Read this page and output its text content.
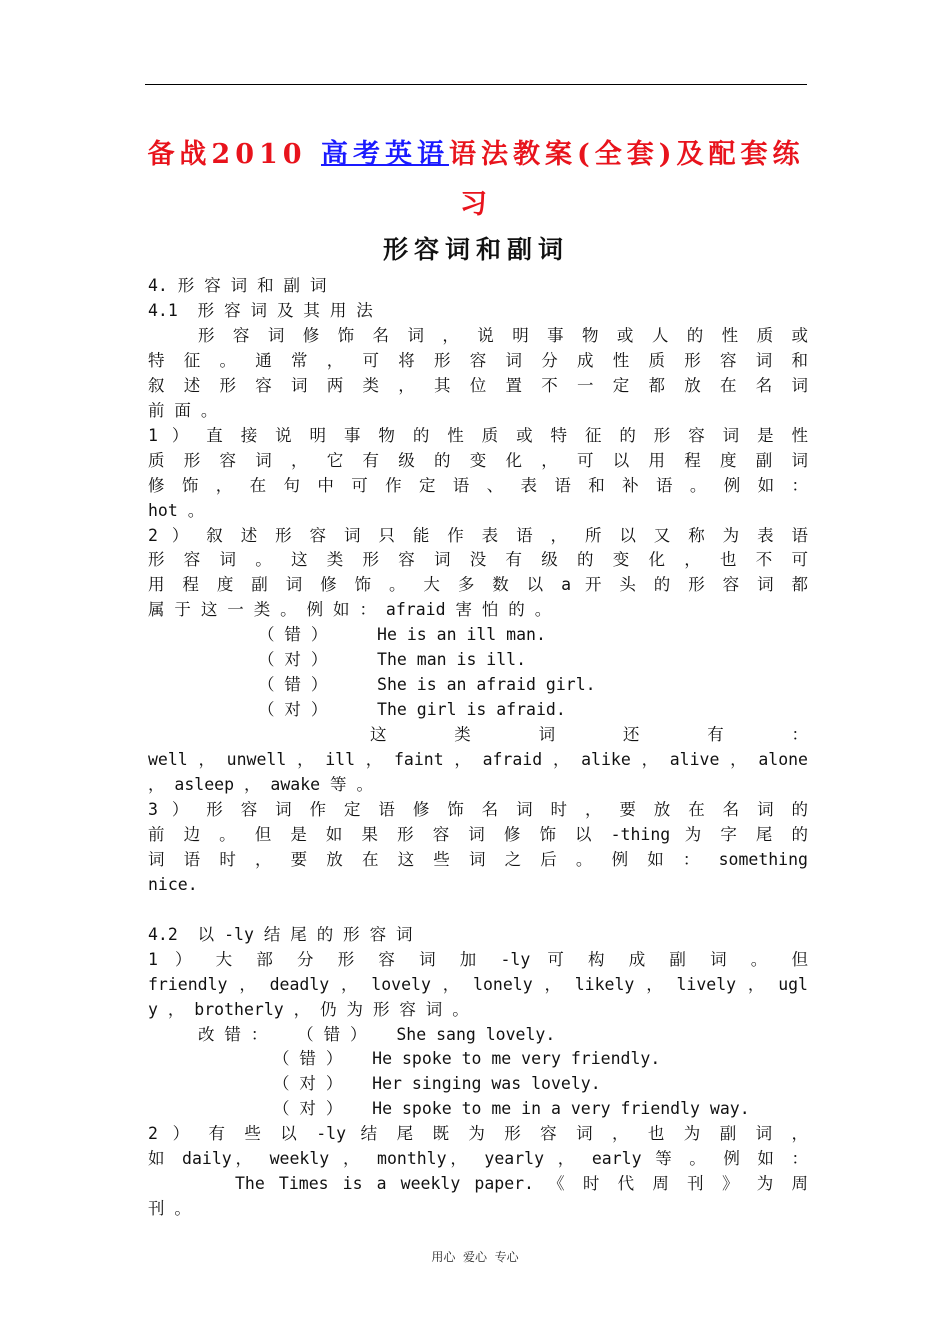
备战2010 高考英语语法教案(全套)及配套练
习
形容词和副词
4. 形 容 词 和 副 词
4.1  形 容 词 及 其 用 法
形 容 词 修 饰 名 词 ， 说 明 事 物 或 人 的 性 质 或
特 征 。 通 常 ， 可 将 形 容 词 分 成 性 质 形 容 词 和
叙 述 形 容 词 两 类 ， 其 位 置 不 一 定 都 放 在 名 词
前 面 。
1 ） 直 接 说 明 事 物 的 性 质 或 特 征 的 形 容 词 是 性
质 形 容 词 ， 它 有 级 的 变 化 ， 可 以 用 程 度 副 词
修 饰 ， 在 句 中 可 作 定 语 、 表 语 和 补 语 。 例 如 ：
hot 。
2 ） 叙 述 形 容 词 只 能 作 表 语 ， 所 以 又 称 为 表 语
形 容 词 。 这 类 形 容 词 没 有 级 的 变 化 ， 也 不 可
用 程 度 副 词 修 饰 。 大 多 数 以 a 开 头 的 形 容 词 都
属 于 这 一 类 。 例 如 ： afraid 害 怕 的 。
（ 错 ）     He is an ill man.
（ 对 ）     The man is ill.
（ 错 ）     She is an afraid girl.
（ 对 ）     The girl is afraid.
这 类 词 还 有 ：
well ， unwell ， ill ， faint ， afraid ， alike ， alive ， alone
， asleep ， awake 等 。
3 ） 形 容 词 作 定 语 修 饰 名 词 时 ， 要 放 在 名 词 的
前 边 。 但 是 如 果 形 容 词 修 饰 以 -thing 为 字 尾 的
词 语 时 ， 要 放 在 这 些 词 之 后 。 例 如 ： something
nice.
4.2  以 -ly 结 尾 的 形 容 词
1 ） 大 部 分 形 容 词 加 -ly 可 构 成 副 词 。 但
friendly ， deadly ， lovely ， lonely ， likely ， lively ， ugl
y ， brotherly ， 仍 为 形 容 词 。
改 错 ：   （ 错 ）   She sang lovely.
（ 错 ）   He spoke to me very friendly.
（ 对 ）   Her singing was lovely.
（ 对 ）   He spoke to me in a very friendly way.
2 ） 有 些 以 -ly 结 尾 既 为 形 容 词 ， 也 为 副 词 ，
如 daily， weekly ， monthly， yearly ， early 等 。 例 如 ：
The Times is a weekly paper. 《 时 代 周 刊 》 为 周
刊 。
用心  爱心  专心
